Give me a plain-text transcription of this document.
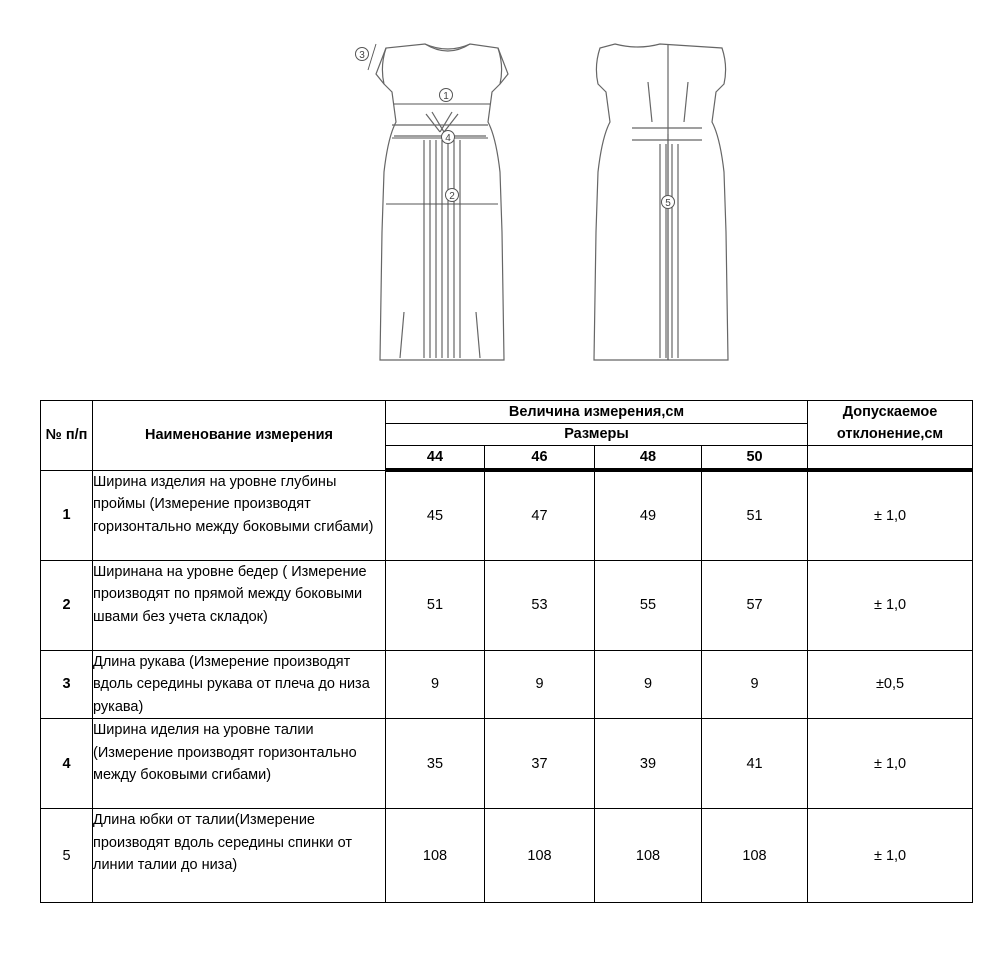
1
2
3
4
5
№ п/п	Наименование измерения	Величина измерения,см				Допускаемое отклонение,см
		Размеры				
		44	46	48	50	
1	Ширина изделия на уровне глубины проймы (Измерение производят горизонтально между боковыми сгибами)	45	47	49	51	± 1,0
2	Ширинана на уровне бедер ( Измерение производят по прямой между боковыми швами без учета складок)	51	53	55	57	± 1,0
3	Длина рукава (Измерение производят вдоль середины рукава от плеча до низа рукава)	9	9	9	9	±0,5
4	Ширина иделия на уровне талии (Измерение производят горизонтально между боковыми сгибами)	35	37	39	41	± 1,0
5	Длина юбки от талии(Измерение производят вдоль середины спинки от линии талии до низа)	108	108	108	108	± 1,0
